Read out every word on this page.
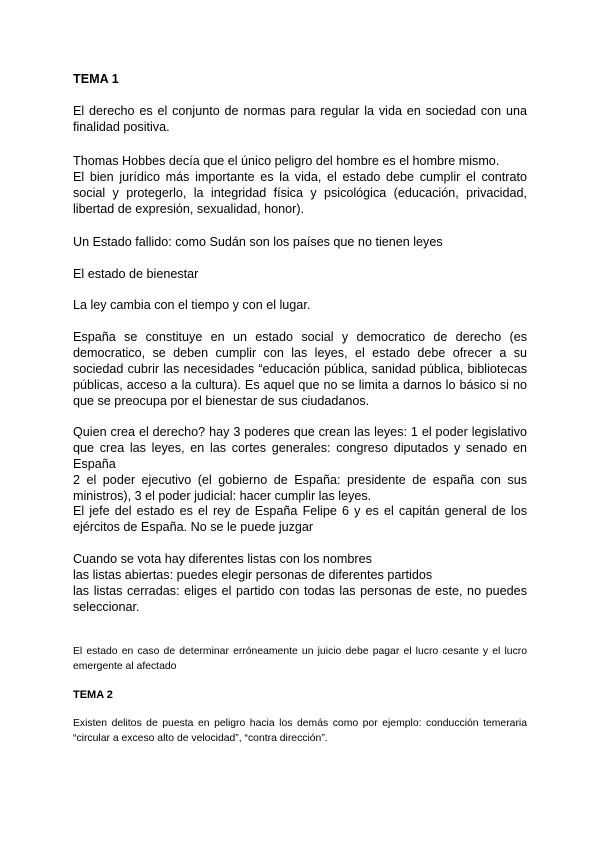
TEMA 1
El derecho es el conjunto de normas para regular la vida en sociedad con una finalidad positiva.
Thomas Hobbes decía que el único peligro del hombre es el hombre mismo.
El bien jurídico más importante es la vida, el estado debe cumplir el contrato social y protegerlo, la integridad física y psicológica (educación, privacidad, libertad de expresión, sexualidad, honor).
Un Estado fallido: como Sudán son los países que no tienen leyes
El estado de bienestar
La ley cambia con el tiempo y con el lugar.
España se constituye en un estado social y democratico de derecho (es democratico, se deben cumplir con las leyes, el estado debe ofrecer a su sociedad cubrir las necesidades “educación pública, sanidad pública, bibliotecas públicas, acceso a la cultura). Es aquel que no se limita a darnos lo básico si no que se preocupa por el bienestar de sus ciudadanos.
Quien crea el derecho? hay 3 poderes que crean las leyes: 1 el poder legislativo que crea las leyes, en las cortes generales: congreso diputados y senado en España
2 el poder ejecutivo (el gobierno de España: presidente de españa con sus ministros), 3 el poder judicial: hacer cumplir las leyes.
El jefe del estado es el rey de España Felipe 6 y es el capitán general de los ejércitos de España. No se le puede juzgar
Cuando se vota hay diferentes listas con los nombres
las listas abiertas: puedes elegir personas de diferentes partidos
las listas cerradas: eliges el partido con todas las personas de este, no puedes seleccionar.
El estado en caso de determinar erróneamente un juicio debe pagar el lucro cesante y el lucro emergente al afectado
TEMA 2
Existen delitos de puesta en peligro hacia los demás como por ejemplo: conducción temeraria “circular a exceso alto de velocidad”, “contra dirección”.
